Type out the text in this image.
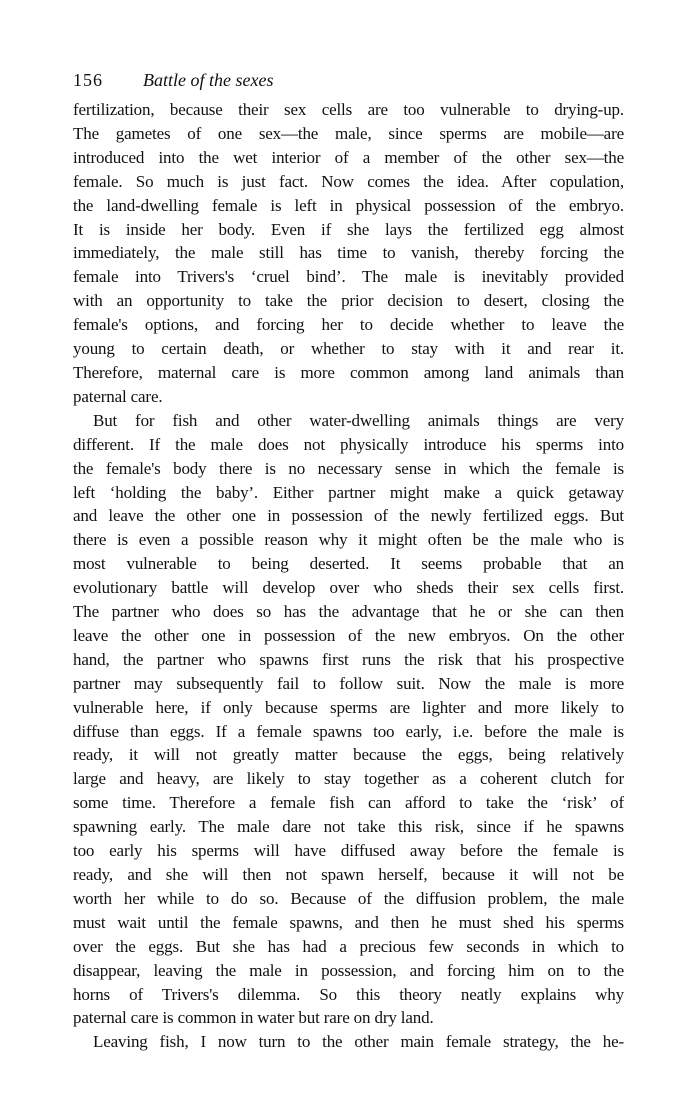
156 Battle of the sexes
fertilization, because their sex cells are too vulnerable to drying-up.
The gametes of one sex—the male, since sperms are mobile—are
introduced into the wet interior of a member of the other sex—the
female. So much is just fact. Now comes the idea. After copulation,
the land-dwelling female is left in physical possession of the embryo.
It is inside her body. Even if she lays the fertilized egg almost
immediately, the male still has time to vanish, thereby forcing the
female into Trivers's ‘cruel bind’. The male is inevitably provided
with an opportunity to take the prior decision to desert, closing the
female's options, and forcing her to decide whether to leave the
young to certain death, or whether to stay with it and rear it.
Therefore, maternal care is more common among land animals than
paternal care.
But for fish and other water-dwelling animals things are very
different. If the male does not physically introduce his sperms into
the female's body there is no necessary sense in which the female is
left ‘holding the baby’. Either partner might make a quick getaway
and leave the other one in possession of the newly fertilized eggs. But
there is even a possible reason why it might often be the male who is
most vulnerable to being deserted. It seems probable that an
evolutionary battle will develop over who sheds their sex cells first.
The partner who does so has the advantage that he or she can then
leave the other one in possession of the new embryos. On the other
hand, the partner who spawns first runs the risk that his prospective
partner may subsequently fail to follow suit. Now the male is more
vulnerable here, if only because sperms are lighter and more likely to
diffuse than eggs. If a female spawns too early, i.e. before the male is
ready, it will not greatly matter because the eggs, being relatively
large and heavy, are likely to stay together as a coherent clutch for
some time. Therefore a female fish can afford to take the ‘risk’ of
spawning early. The male dare not take this risk, since if he spawns
too early his sperms will have diffused away before the female is
ready, and she will then not spawn herself, because it will not be
worth her while to do so. Because of the diffusion problem, the male
must wait until the female spawns, and then he must shed his sperms
over the eggs. But she has had a precious few seconds in which to
disappear, leaving the male in possession, and forcing him on to the
horns of Trivers's dilemma. So this theory neatly explains why
paternal care is common in water but rare on dry land.
Leaving fish, I now turn to the other main female strategy, the he-
